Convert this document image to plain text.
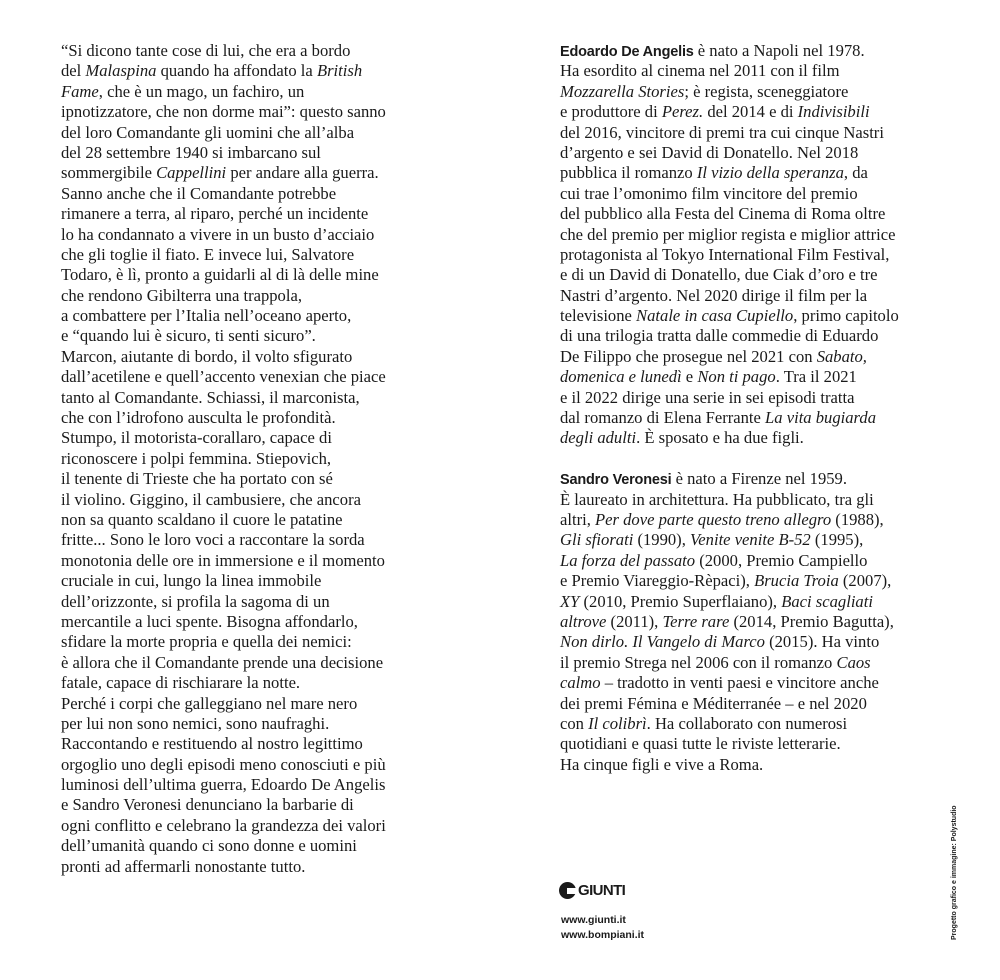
“Si dicono tante cose di lui, che era a bordo
del Malaspina quando ha affondato la British
Fame, che è un mago, un fachiro, un
ipnotizzatore, che non dorme mai”: questo sanno
del loro Comandante gli uomini che all’alba
del 28 settembre 1940 si imbarcano sul
sommergibile Cappellini per andare alla guerra.
Sanno anche che il Comandante potrebbe
rimanere a terra, al riparo, perché un incidente
lo ha condannato a vivere in un busto d’acciaio
che gli toglie il fiato. E invece lui, Salvatore
Todaro, è lì, pronto a guidarli al di là delle mine
che rendono Gibilterra una trappola,
a combattere per l’Italia nell’oceano aperto,
e “quando lui è sicuro, ti senti sicuro”.
Marcon, aiutante di bordo, il volto sfigurato
dall’acetilene e quell’accento venexian che piace
tanto al Comandante. Schiassi, il marconista,
che con l’idrofono ausculta le profondità.
Stumpo, il motorista-corallaro, capace di
riconoscere i polpi femmina. Stiepovich,
il tenente di Trieste che ha portato con sé
il violino. Giggino, il cambusiere, che ancora
non sa quanto scaldano il cuore le patatine
fritte... Sono le loro voci a raccontare la sorda
monotonia delle ore in immersione e il momento
cruciale in cui, lungo la linea immobile
dell’orizzonte, si profila la sagoma di un
mercantile a luci spente. Bisogna affondarlo,
sfidare la morte propria e quella dei nemici:
è allora che il Comandante prende una decisione
fatale, capace di rischiarare la notte.
Perché i corpi che galleggiano nel mare nero
per lui non sono nemici, sono naufraghi.
Raccontando e restituendo al nostro legittimo
orgoglio uno degli episodi meno conosciuti e più
luminosi dell’ultima guerra, Edoardo De Angelis
e Sandro Veronesi denunciano la barbarie di
ogni conflitto e celebrano la grandezza dei valori
dell’umanità quando ci sono donne e uomini
pronti ad affermarli nonostante tutto.
Edoardo De Angelis è nato a Napoli nel 1978.
Ha esordito al cinema nel 2011 con il film
Mozzarella Stories; è regista, sceneggiatore
e produttore di Perez. del 2014 e di Indivisibili
del 2016, vincitore di premi tra cui cinque Nastri
d’argento e sei David di Donatello. Nel 2018
pubblica il romanzo Il vizio della speranza, da
cui trae l’omonimo film vincitore del premio
del pubblico alla Festa del Cinema di Roma oltre
che del premio per miglior regista e miglior attrice
protagonista al Tokyo International Film Festival,
e di un David di Donatello, due Ciak d’oro e tre
Nastri d’argento. Nel 2020 dirige il film per la
televisione Natale in casa Cupiello, primo capitolo
di una trilogia tratta dalle commedie di Eduardo
De Filippo che prosegue nel 2021 con Sabato,
domenica e lunedì e Non ti pago. Tra il 2021
e il 2022 dirige una serie in sei episodi tratta
dal romanzo di Elena Ferrante La vita bugiarda
degli adulti. È sposato e ha due figli.
Sandro Veronesi è nato a Firenze nel 1959.
È laureato in architettura. Ha pubblicato, tra gli
altri, Per dove parte questo treno allegro (1988),
Gli sfiorati (1990), Venite venite B-52 (1995),
La forza del passato (2000, Premio Campiello
e Premio Viareggio-Rèpaci), Brucia Troia (2007),
XY (2010, Premio Superflaiano), Baci scagliati
altrove (2011), Terre rare (2014, Premio Bagutta),
Non dirlo. Il Vangelo di Marco (2015). Ha vinto
il premio Strega nel 2006 con il romanzo Caos
calmo – tradotto in venti paesi e vincitore anche
dei premi Fémina e Méditerranée – e nel 2020
con Il colibrì. Ha collaborato con numerosi
quotidiani e quasi tutte le riviste letterarie.
Ha cinque figli e vive a Roma.
GIUNTI
www.giunti.it
www.bompiani.it	Progetto grafico e immagine: Polystudio
